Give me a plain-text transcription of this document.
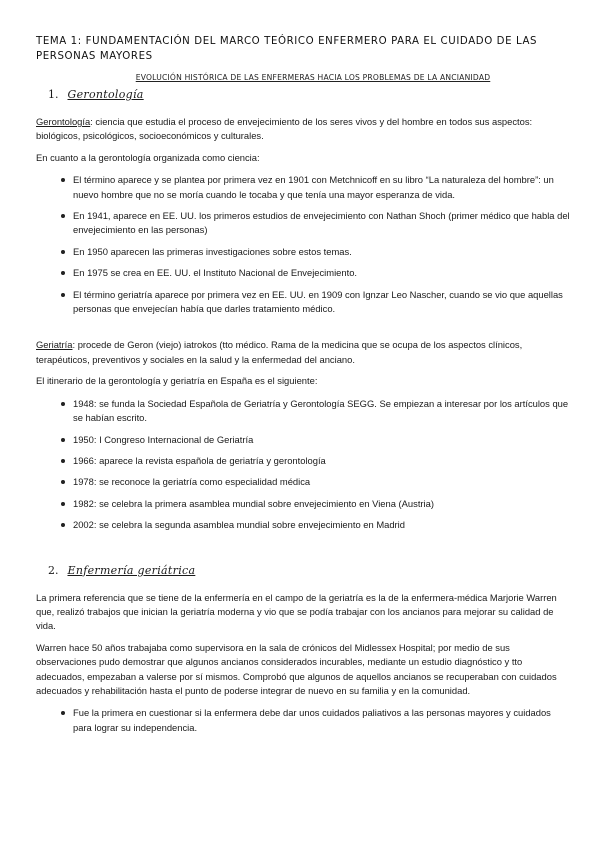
TEMA 1: FUNDAMENTACIÓN DEL MARCO TEÓRICO ENFERMERO PARA EL CUIDADO DE LAS PERSONAS MAYORES
EVOLUCIÓN HISTÓRICA DE LAS ENFERMERAS HACIA LOS PROBLEMAS DE LA ANCIANIDAD
1. Gerontología

Gerontología: ciencia que estudia el proceso de envejecimiento de los seres vivos y del hombre en todos sus aspectos: biológicos, psicológicos, socioeconómicos y culturales.

En cuanto a la gerontología organizada como ciencia:

El término aparece y se plantea por primera vez en 1901 con Metchnicoff en su libro “La naturaleza del hombre”: un nuevo hombre que no se moría cuando le tocaba y que tenía una mayor esperanza de vida.
En 1941, aparece en EE. UU. los primeros estudios de envejecimiento con Nathan Shoch (primer médico que habla del envejecimiento en las personas)
En 1950 aparecen las primeras investigaciones sobre estos temas.
En 1975 se crea en EE. UU. el Instituto Nacional de Envejecimiento.
El término geriatría aparece por primera vez en EE. UU. en 1909 con Ignzar Leo Nascher, cuando se vio que aquellas personas que envejecían había que darles tratamiento médico.

Geriatría: procede de Geron (viejo) iatrokos (tto médico. Rama de la medicina que se ocupa de los aspectos clínicos, terapéuticos, preventivos y sociales en la salud y la enfermedad del anciano.

El itinerario de la gerontología y geriatría en España es el siguiente:

1948: se funda la Sociedad Española de Geriatría y Gerontología SEGG. Se empiezan a interesar por los artículos que se habían escrito.
1950: I Congreso Internacional de Geriatría
1966: aparece la revista española de geriatría y gerontología
1978: se reconoce la geriatría como especialidad médica
1982: se celebra la primera asamblea mundial sobre envejecimiento en Viena (Austria)
2002: se celebra la segunda asamblea mundial sobre envejecimiento en Madrid
2. Enfermería geriátrica

La primera referencia que se tiene de la enfermería en el campo de la geriatría es la de la enfermera-médica Marjorie Warren que, realizó trabajos que inician la geriatría moderna y vio que se podía trabajar con los ancianos para mejorar su calidad de vida.

Warren hace 50 años trabajaba como supervisora en la sala de crónicos del Midlessex Hospital; por medio de sus observaciones pudo demostrar que algunos ancianos considerados incurables, mediante un estudio diagnóstico y tto adecuados, empezaban a valerse por sí mismos. Comprobó que algunos de aquellos ancianos se recuperaban con cuidados adecuados y rehabilitación hasta el punto de poderse integrar de nuevo en su familia y en la comunidad.

Fue la primera en cuestionar si la enfermera debe dar unos cuidados paliativos a las personas mayores y cuidados para lograr su independencia.
